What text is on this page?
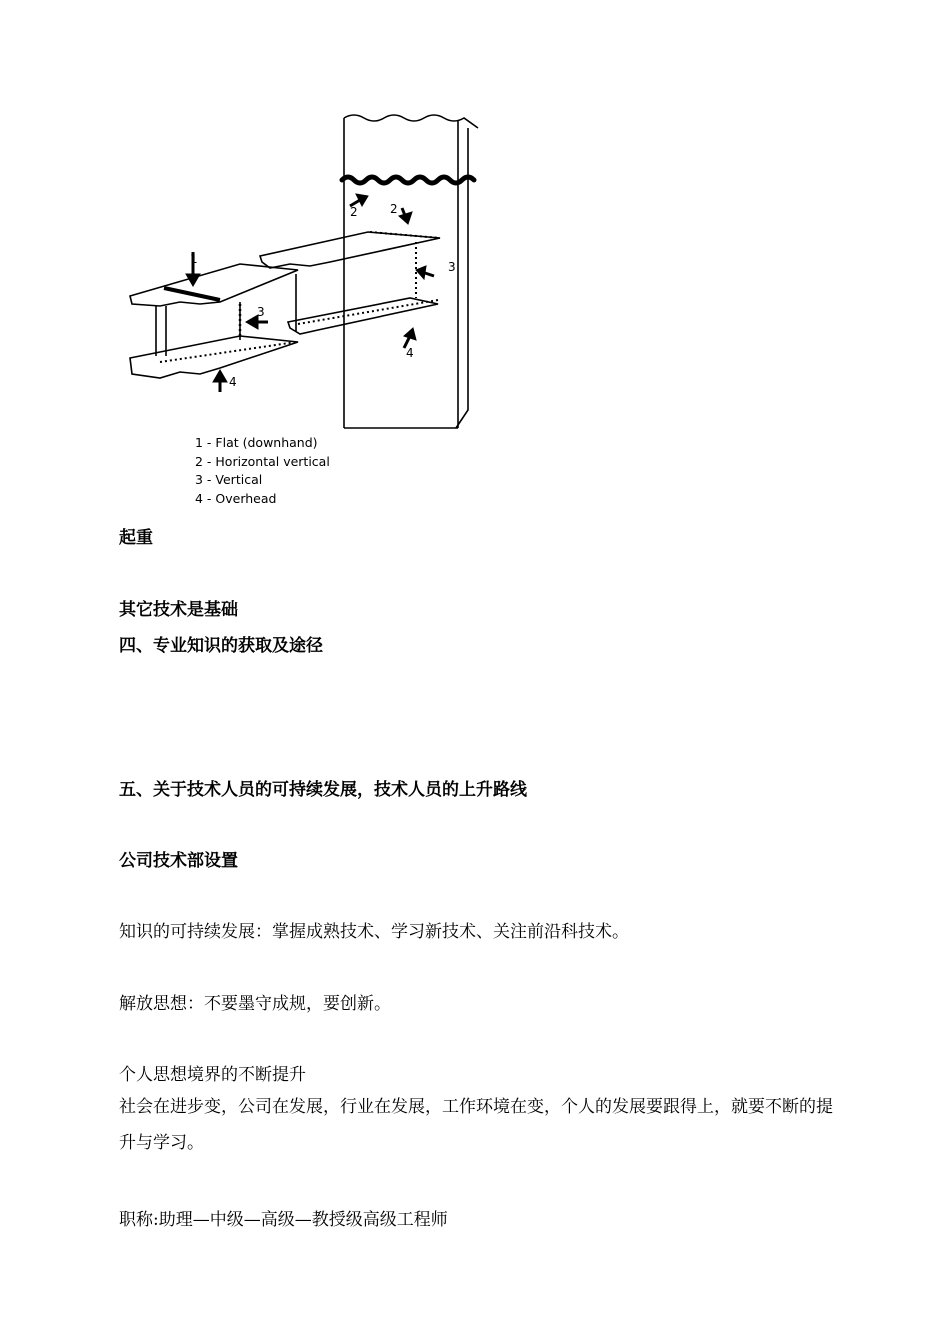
1
2	2
3
3
4
4
1 - Flat (downhand)
2 - Horizontal vertical
3 - Vertical
4 - Overhead
起重
其它技术是基础
四、专业知识的获取及途径
五、关于技术人员的可持续发展，技术人员的上升路线
公司技术部设置
知识的可持续发展：掌握成熟技术、学习新技术、关注前沿科技术。
解放思想：不要墨守成规，要创新。
个人思想境界的不断提升
社会在进步变，公司在发展，行业在发展，工作环境在变，个人的发展要跟得上，就要不断的提升与学习。
职称:助理—中级—高级—教授级高级工程师
